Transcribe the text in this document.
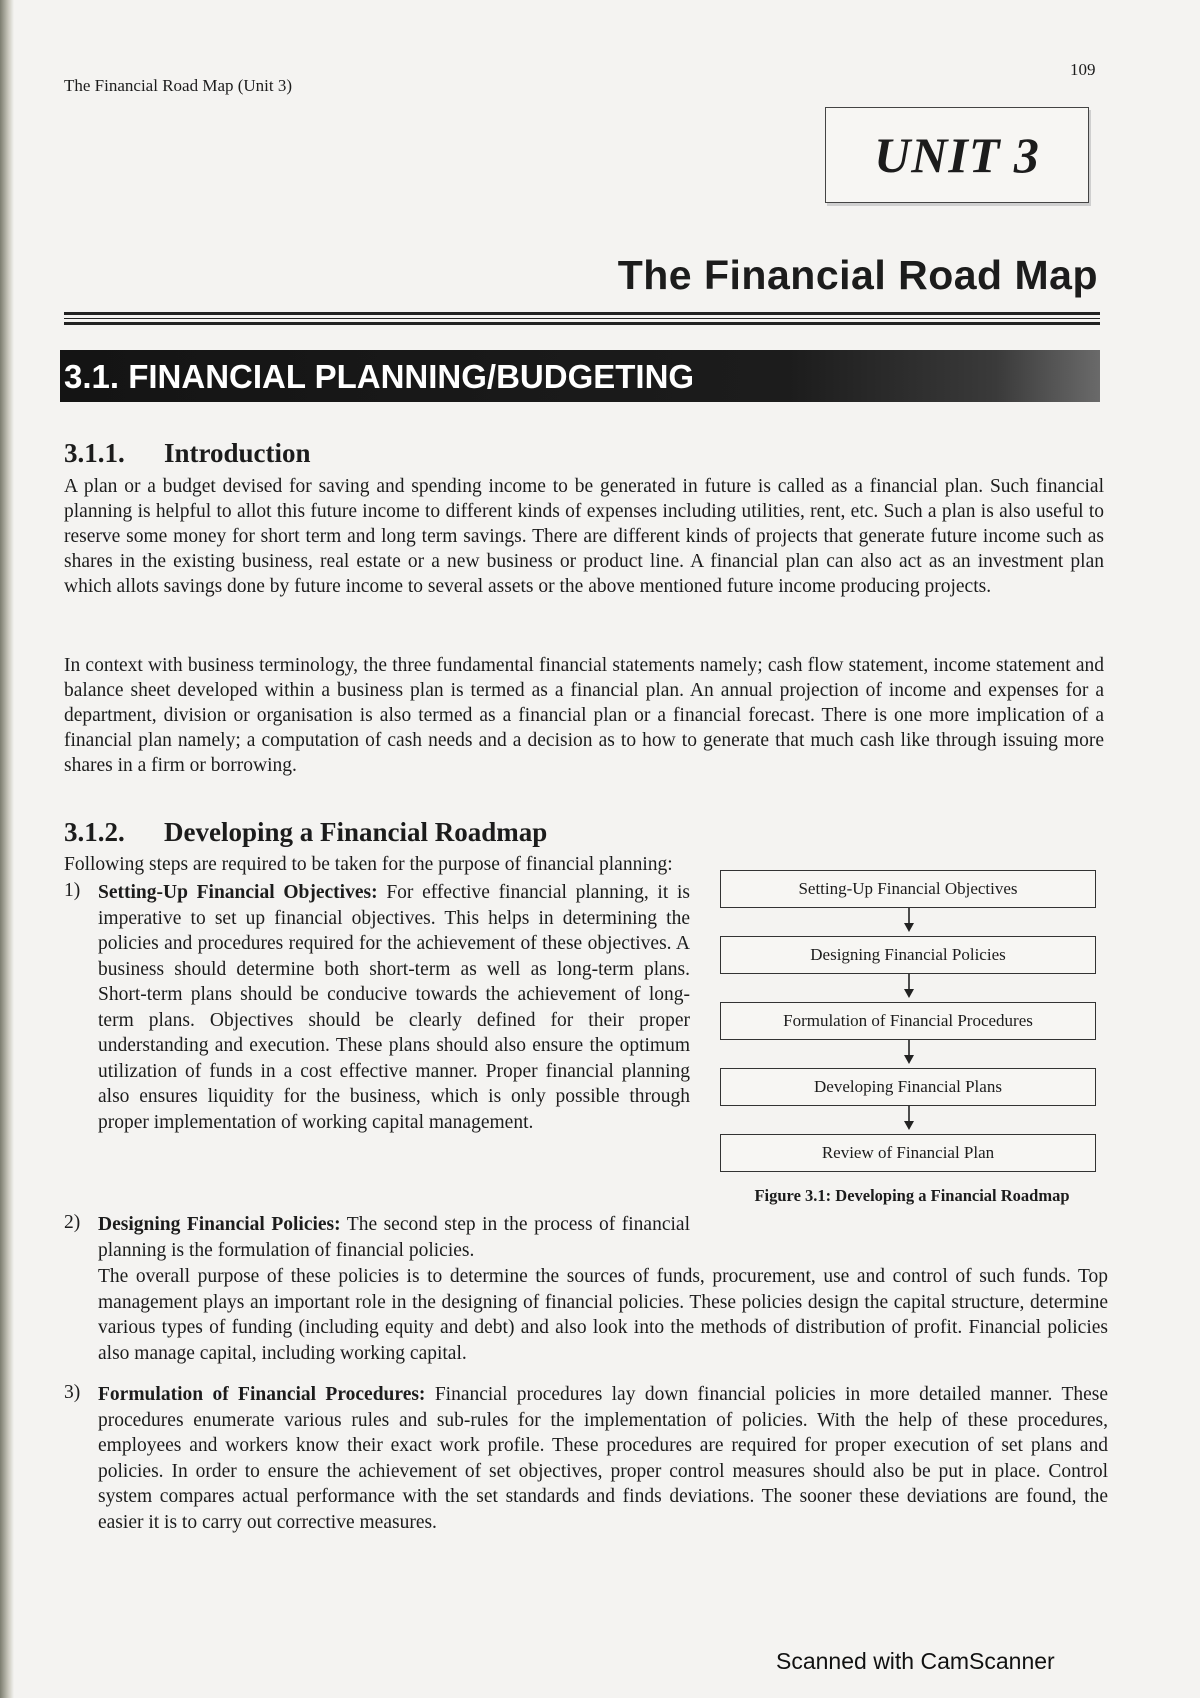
The Financial Road Map (Unit 3)
109
UNIT 3
The Financial Road Map
3.1. FINANCIAL PLANNING/BUDGETING
3.1.1. Introduction
A plan or a budget devised for saving and spending income to be generated in future is called as a financial plan. Such financial planning is helpful to allot this future income to different kinds of expenses including utilities, rent, etc. Such a plan is also useful to reserve some money for short term and long term savings. There are different kinds of projects that generate future income such as shares in the existing business, real estate or a new business or product line. A financial plan can also act as an investment plan which allots savings done by future income to several assets or the above mentioned future income producing projects.
In context with business terminology, the three fundamental financial statements namely; cash flow statement, income statement and balance sheet developed within a business plan is termed as a financial plan. An annual projection of income and expenses for a department, division or organisation is also termed as a financial plan or a financial forecast. There is one more implication of a financial plan namely; a computation of cash needs and a decision as to how to generate that much cash like through issuing more shares in a firm or borrowing.
3.1.2. Developing a Financial Roadmap
Following steps are required to be taken for the purpose of financial planning:
1) Setting-Up Financial Objectives: For effective financial planning, it is imperative to set up financial objectives. This helps in determining the policies and procedures required for the achievement of these objectives. A business should determine both short-term as well as long-term plans. Short-term plans should be conducive towards the achievement of long-term plans. Objectives should be clearly defined for their proper understanding and execution. These plans should also ensure the optimum utilization of funds in a cost effective manner. Proper financial planning also ensures liquidity for the business, which is only possible through proper implementation of working capital management.
2) Designing Financial Policies: The second step in the process of financial planning is the formulation of financial policies.
The overall purpose of these policies is to determine the sources of funds, procurement, use and control of such funds. Top management plays an important role in the designing of financial policies. These policies design the capital structure, determine various types of funding (including equity and debt) and also look into the methods of distribution of profit. Financial policies also manage capital, including working capital.
3) Formulation of Financial Procedures: Financial procedures lay down financial policies in more detailed manner. These procedures enumerate various rules and sub-rules for the implementation of policies. With the help of these procedures, employees and workers know their exact work profile. These procedures are required for proper execution of set plans and policies. In order to ensure the achievement of set objectives, proper control measures should also be put in place. Control system compares actual performance with the set standards and finds deviations. The sooner these deviations are found, the easier it is to carry out corrective measures.
Setting-Up Financial Objectives
Designing Financial Policies
Formulation of Financial Procedures
Developing Financial Plans
Review of Financial Plan
Figure 3.1: Developing a Financial Roadmap
Scanned with CamScanner
